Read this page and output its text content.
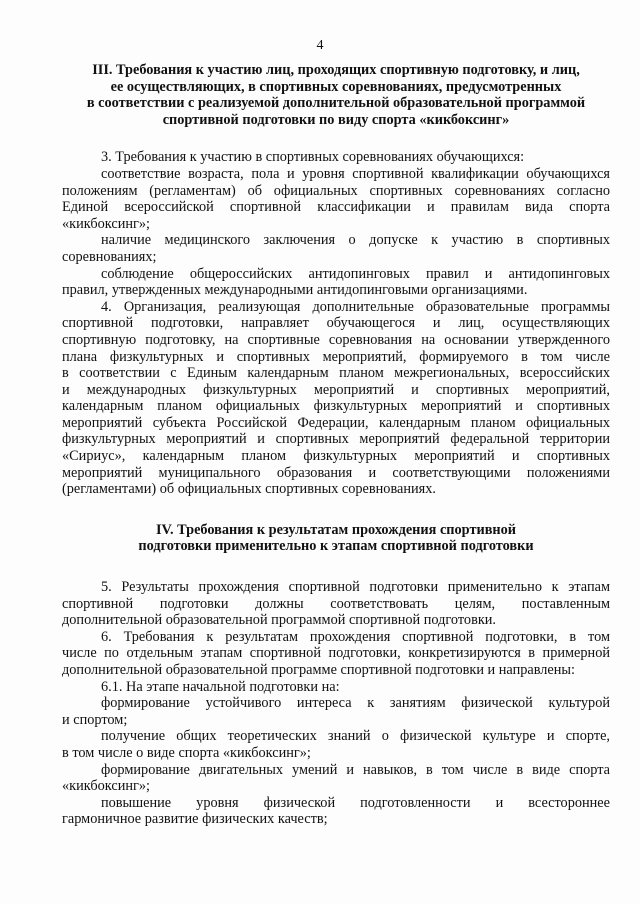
4
III. Требования к участию лиц, проходящих спортивную подготовку, и лиц,
ее осуществляющих, в спортивных соревнованиях, предусмотренных
в соответствии с реализуемой дополнительной образовательной программой
спортивной подготовки по виду спорта «кикбоксинг»
3. Требования к участию в спортивных соревнованиях обучающихся:
соответствие возраста, пола и уровня спортивной квалификации обучающихся
положениям (регламентам) об официальных спортивных соревнованиях согласно
Единой всероссийской спортивной классификации и правилам вида спорта
«кикбоксинг»;
наличие медицинского заключения о допуске к участию в спортивных
соревнованиях;
соблюдение общероссийских антидопинговых правил и антидопинговых
правил, утвержденных международными антидопинговыми организациями.
4. Организация, реализующая дополнительные образовательные программы
спортивной подготовки, направляет обучающегося и лиц, осуществляющих
спортивную подготовку, на спортивные соревнования на основании утвержденного
плана физкультурных и спортивных мероприятий, формируемого в том числе
в соответствии с Единым календарным планом межрегиональных, всероссийских
и международных физкультурных мероприятий и спортивных мероприятий,
календарным планом официальных физкультурных мероприятий и спортивных
мероприятий субъекта Российской Федерации, календарным планом официальных
физкультурных мероприятий и спортивных мероприятий федеральной территории
«Сириус», календарным планом физкультурных мероприятий и спортивных
мероприятий муниципального образования и соответствующими положениями
(регламентами) об официальных спортивных соревнованиях.
IV. Требования к результатам прохождения спортивной
подготовки применительно к этапам спортивной подготовки
5. Результаты прохождения спортивной подготовки применительно к этапам
спортивной подготовки должны соответствовать целям, поставленным
дополнительной образовательной программой спортивной подготовки.
6. Требования к результатам прохождения спортивной подготовки, в том
числе по отдельным этапам спортивной подготовки, конкретизируются в примерной
дополнительной образовательной программе спортивной подготовки и направлены:
6.1. На этапе начальной подготовки на:
формирование устойчивого интереса к занятиям физической культурой
и спортом;
получение общих теоретических знаний о физической культуре и спорте,
в том числе о виде спорта «кикбоксинг»;
формирование двигательных умений и навыков, в том числе в виде спорта
«кикбоксинг»;
повышение уровня физической подготовленности и всестороннее
гармоничное развитие физических качеств;
